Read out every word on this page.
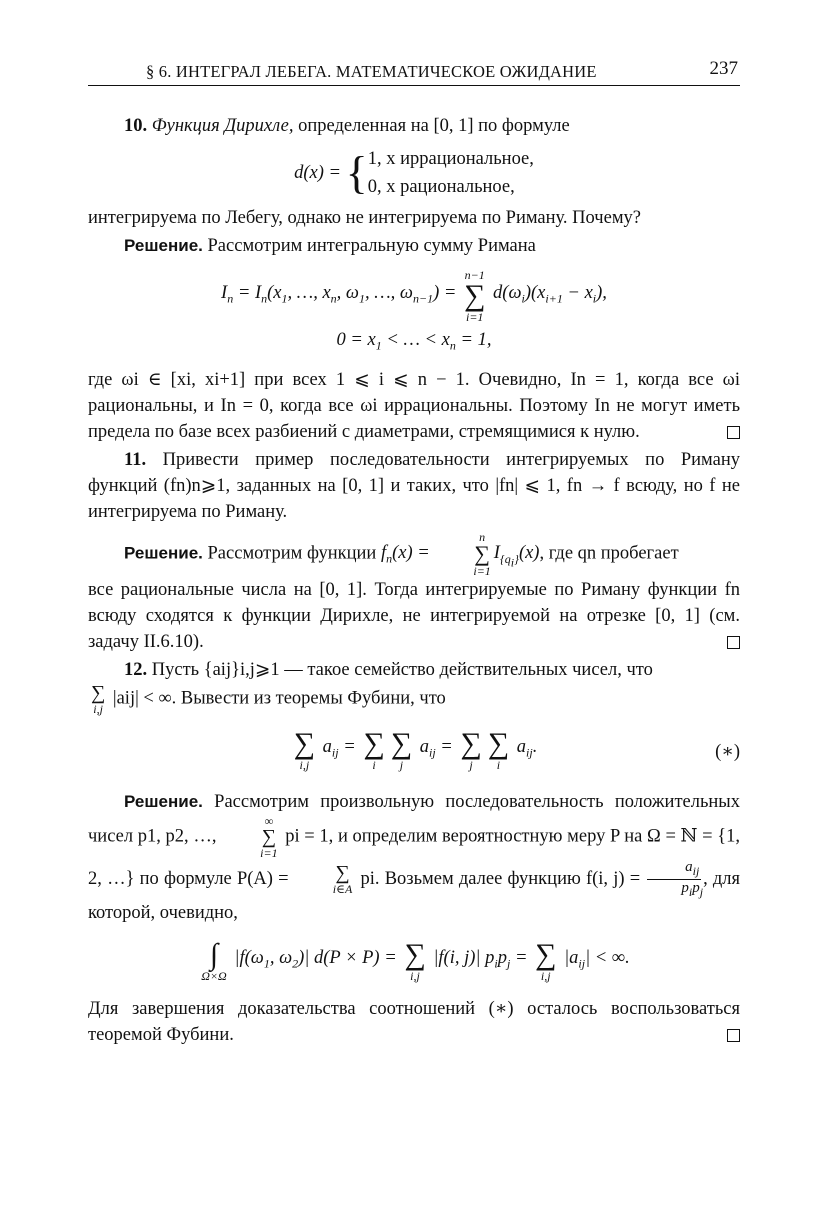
§ 6. ИНТЕГРАЛ ЛЕБЕГА. МАТЕМАТИЧЕСКОЕ ОЖИДАНИЕ	237

10. Функция Дирихле, определенная на [0, 1] по формуле

d(x) = {1, x иррациональное,
0, x рациональное,

интегрируема по Лебегу, однако не интегрируема по Риману. Почему?

Решение. Рассмотрим интегральную сумму Римана

$I_n = I_n(x_1$, …, $x_n$, $\omega_1$, …, $\omega_{n-1}$) =
n−1
∑
i=1
$d(\omega_i)(x_{i+1} - x_i)$,
$0 = x_1$ < … < $x_n = 1$,

где ωi ∈ [xi, xi+1] при всех 1 ⩽ i ⩽ n − 1. Очевидно, In = 1, когда все ωi рациональны, и In = 0, когда все ωi иррациональны. Поэтому In не могут иметь предела по базе всех разбиений с диаметрами, стремящимися к нулю.

11. Привести пример последовательности интегрируемых по Риману функций (fn)n⩾1, заданных на [0, 1] и таких, что |fn| ⩽ 1, fn → f всюду, но f не интегрируема по Риману.

Решение. Рассмотрим функции $f_n(x)$ =
n
∑
i=1
$I_{\{q_i\}}(x)$, где qn пробегает

все рациональные числа на [0, 1]. Тогда интегрируемые по Риману функции fn всюду сходятся к функции Дирихле, не интегрируемой на отрезке [0, 1] (см. задачу II.6.10).

12. Пусть {aij}i,j⩾1 — такое семейство действительных чисел, что

∑
i,j
|aij| < ∞. Вывести из теоремы Фубини, что

∑
i,j
$a_{ij}$ = ∑
i
∑
j
$a_{ij}$ = ∑
j
∑
i
$a_{ij}$.	(∗)

Решение. Рассмотрим произвольную последовательность положительных чисел p1, p2, …,
∞
∑
i=1
pi = 1, и определим вероятностную меру P на Ω = ℕ = {1, 2, …} по формуле P(A) =	∑
i∈A
pi. Возьмем далее функцию f(i, $j) = \frac{a_{ij}}{p_ip_j}$ , для которой, очевидно,

∫
Ω×Ω
$|f(\omega_1$, $\omega_2)|$ d(P × P) = ∑
i,j
|f(i, j)| $p_ip_j$ = ∑
i,j
$|a_{ij}|$ < ∞.

Для завершения доказательства соотношений (∗) осталось воспользоваться теоремой Фубини.
